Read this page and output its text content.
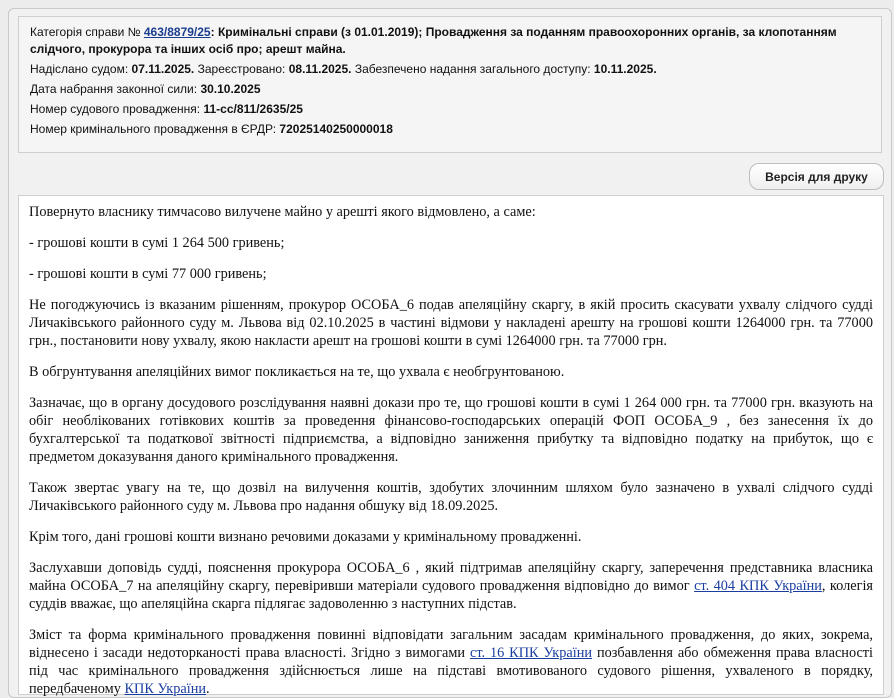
Категорія справи № 463/8879/25: Кримінальні справи (з 01.01.2019); Провадження за поданням правоохоронних органів, за клопотанням слідчого, прокурора та інших осіб про; арешт майна.
Надіслано судом: 07.11.2025. Зареєстровано: 08.11.2025. Забезпечено надання загального доступу: 10.11.2025.
Дата набрання законної сили: 30.10.2025
Номер судового провадження: 11-сс/811/2635/25
Номер кримінального провадження в ЄРДР: 72025140250000018
Версія для друку

Повернуто власнику тимчасово вилучене майно у арешті якого відмовлено, а саме:

- грошові кошти в сумі 1 264 500 гривень;

- грошові кошти в сумі 77 000 гривень;

Не погоджуючись із вказаним рішенням, прокурор ОСОБА_6 подав апеляційну скаргу, в якій просить скасувати ухвалу слідчого судді Личаківського районного суду м. Львова від 02.10.2025 в частині відмови у накладені арешту на грошові кошти 1264000 грн. та 77000 грн., постановити нову ухвалу, якою накласти арешт на грошові кошти в сумі 1264000 грн. та 77000 грн.

В обгрунтування апеляційних вимог покликається на те, що ухвала є необгрунтованою.

Зазначає, що в органу досудового розслідування наявні докази про те, що грошові кошти в сумі 1 264 000 грн. та 77000 грн. вказують на обіг необлікованих готівкових коштів за проведення фінансово-господарських операцій ФОП ОСОБА_9 , без занесення їх до бухгалтерської та податкової звітності підприємства, а відповідно заниження прибутку та відповідно податку на прибуток, що є предметом доказування даного кримінального провадження.

Також звертає увагу на те, що дозвіл на вилучення коштів, здобутих злочинним шляхом було зазначено в ухвалі слідчого судді Личаківського районного суду м. Львова про надання обшуку від 18.09.2025.

Крім того, дані грошові кошти визнано речовими доказами у кримінальному провадженні.

Заслухавши доповідь судді, пояснення прокурора ОСОБА_6 , який підтримав апеляційну скаргу, заперечення представника власника майна ОСОБА_7 на апеляційну скаргу, перевіривши матеріали судового провадження відповідно до вимог ст. 404 КПК України, колегія суддів вважає, що апеляційна скарга підлягає задоволенню з наступних підстав.

Зміст та форма кримінального провадження повинні відповідати загальним засадам кримінального провадження, до яких, зокрема, віднесено і засади недоторканості права власності. Згідно з вимогами ст. 16 КПК України позбавлення або обмеження права власності під час кримінального провадження здійснюється лише на підставі вмотивованого судового рішення, ухваленого в порядку, передбаченому КПК України.
